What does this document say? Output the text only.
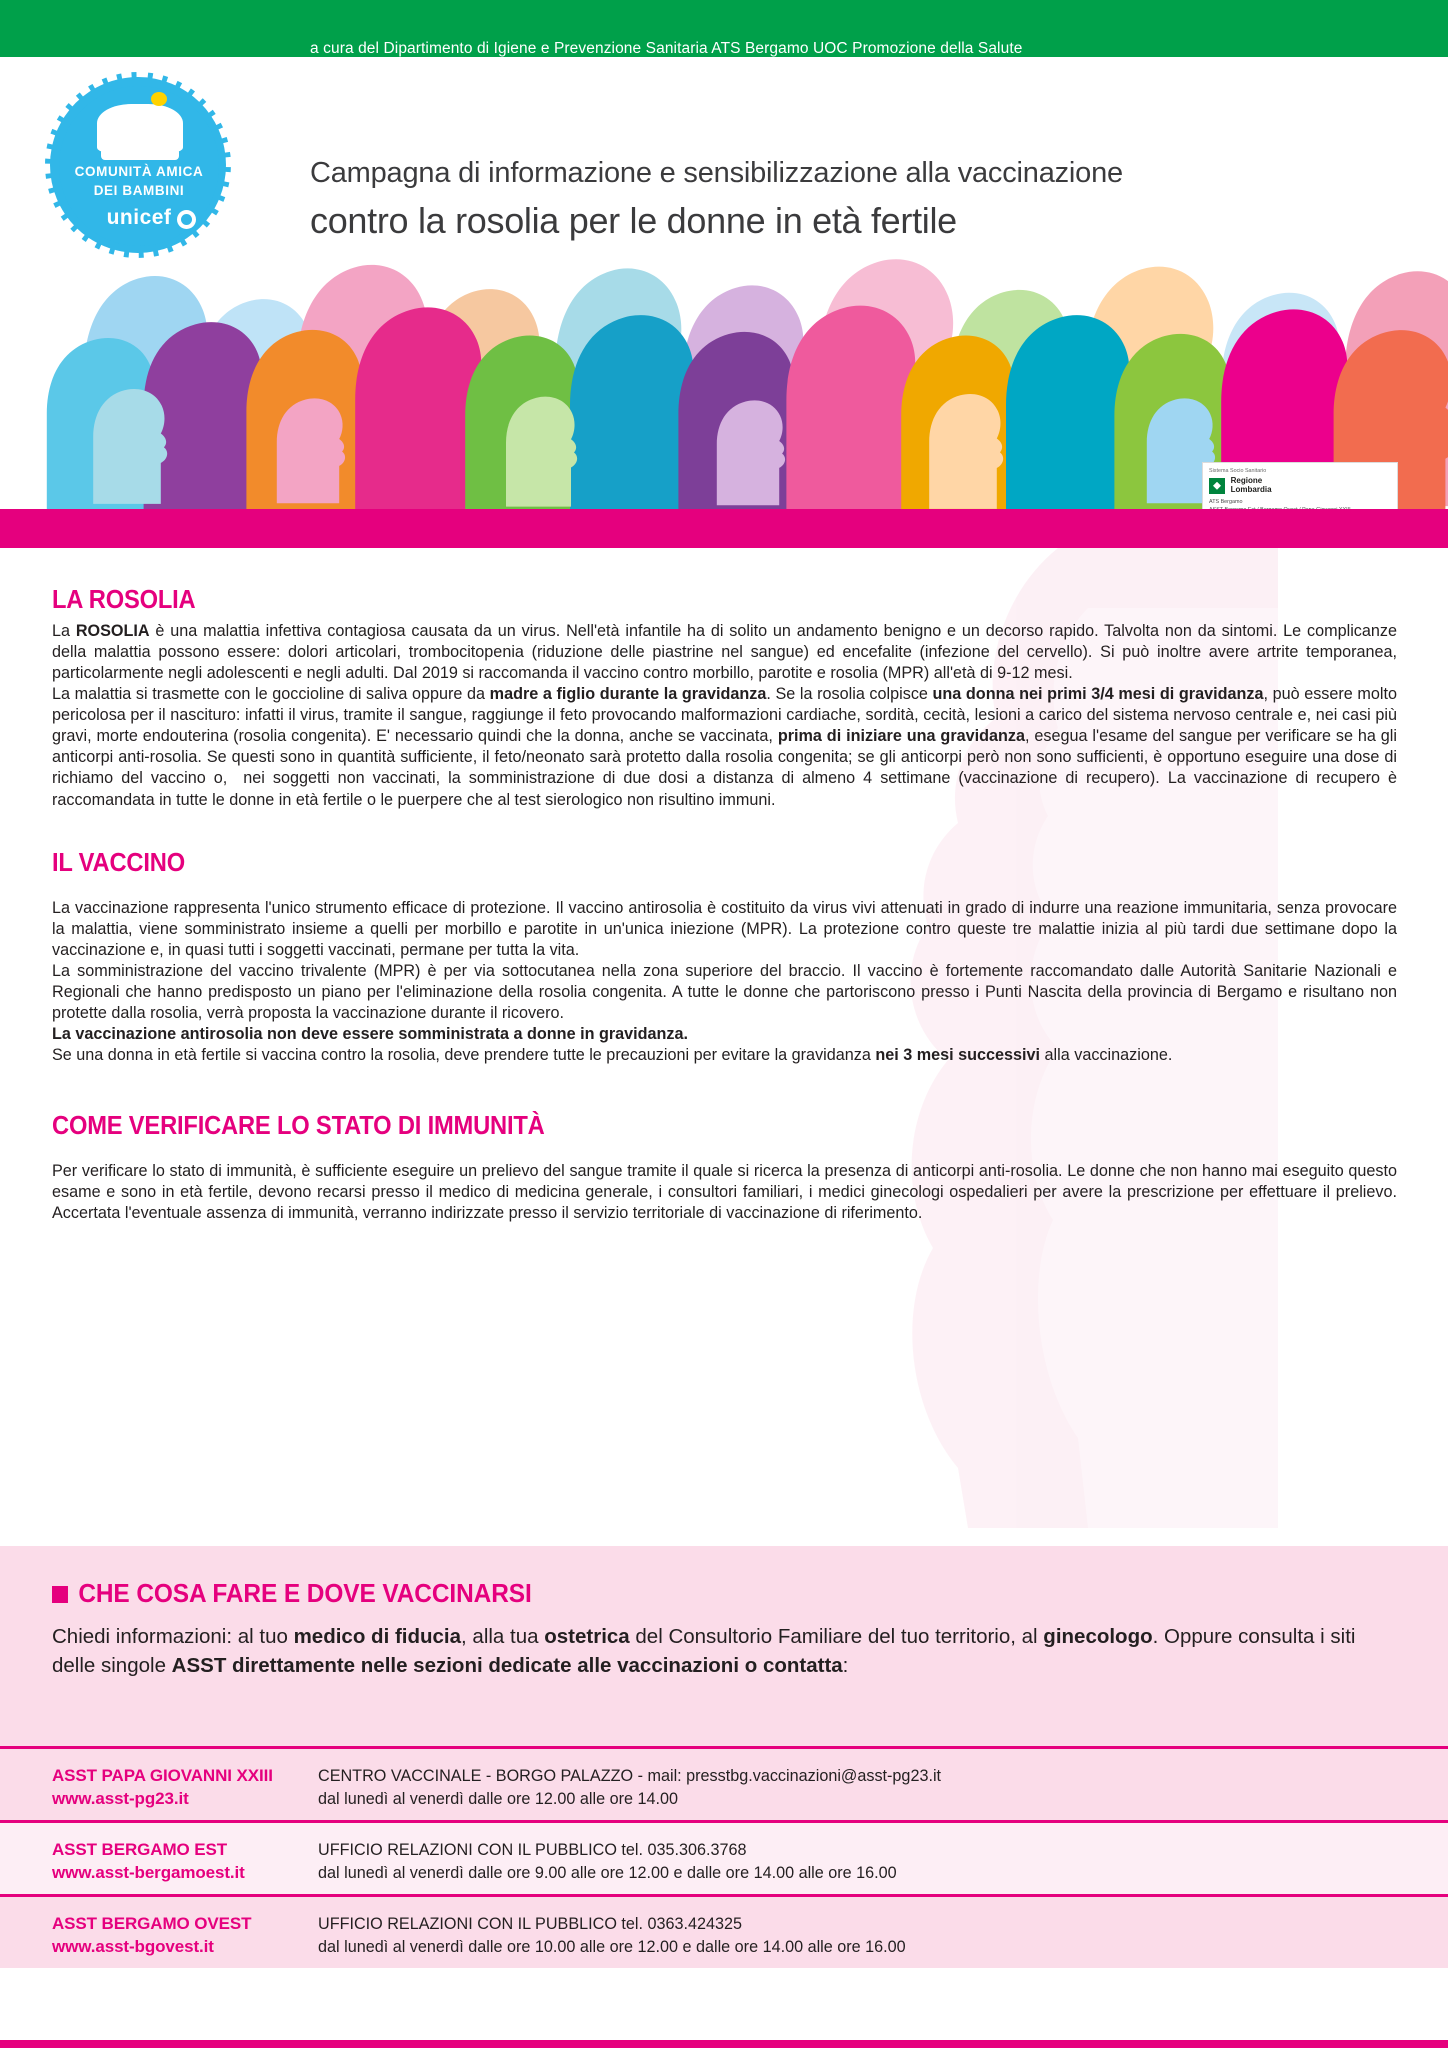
a cura del Dipartimento di Igiene e Prevenzione Sanitaria ATS Bergamo UOC Promozione della Salute
Campagna di informazione e sensibilizzazione alla vaccinazione
contro la rosolia per le donne in età fertile
COMUNITÀ AMICA
DEI BAMBINI
unicef
Sistema Socio Sanitario
Regione
Lombardia
ATS Bergamo
LA ROSOLIA

La ROSOLIA è una malattia infettiva contagiosa causata da un virus. Nell'età infantile ha di solito un andamento benigno e un decorso rapido. Talvolta non da sintomi. Le complicanze della malattia possono essere: dolori articolari, trombocitopenia (riduzione delle piastrine nel sangue) ed encefalite (infezione del cervello). Si può inoltre avere artrite temporanea, particolarmente negli adolescenti e negli adulti. Dal 2019 si raccomanda il vaccino contro morbillo, parotite e rosolia (MPR) all'età di 9-12 mesi.

La malattia si trasmette con le goccioline di saliva oppure da madre a figlio durante la gravidanza. Se la rosolia colpisce una donna nei primi 3/4 mesi di gravidanza, può essere molto pericolosa per il nascituro: infatti il virus, tramite il sangue, raggiunge il feto provocando malformazioni cardiache, sordità, cecità, lesioni a carico del sistema nervoso centrale e, nei casi più gravi, morte endouterina (rosolia congenita). E' necessario quindi che la donna, anche se vaccinata, prima di iniziare una gravidanza, esegua l'esame del sangue per verificare se ha gli anticorpi anti-rosolia. Se questi sono in quantità sufficiente, il feto/neonato sarà protetto dalla rosolia congenita; se gli anticorpi però non sono sufficienti, è opportuno eseguire una dose di richiamo del vaccino o,  nei soggetti non vaccinati, la somministrazione di due dosi a distanza di almeno 4 settimane (vaccinazione di recupero). La vaccinazione di recupero è raccomandata in tutte le donne in età fertile o le puerpere che al test sierologico non risultino immuni.

IL VACCINO

La vaccinazione rappresenta l'unico strumento efficace di protezione. Il vaccino antirosolia è costituito da virus vivi attenuati in grado di indurre una reazione immunitaria, senza provocare la malattia, viene somministrato insieme a quelli per morbillo e parotite in un'unica iniezione (MPR). La protezione contro queste tre malattie inizia al più tardi due settimane dopo la vaccinazione e, in quasi tutti i soggetti vaccinati, permane per tutta la vita.

La somministrazione del vaccino trivalente (MPR) è per via sottocutanea nella zona superiore del braccio. Il vaccino è fortemente raccomandato dalle Autorità Sanitarie Nazionali e Regionali che hanno predisposto un piano per l'eliminazione della rosolia congenita. A tutte le donne che partoriscono presso i Punti Nascita della provincia di Bergamo e risultano non protette dalla rosolia, verrà proposta la vaccinazione durante il ricovero.

La vaccinazione antirosolia non deve essere somministrata a donne in gravidanza.

Se una donna in età fertile si vaccina contro la rosolia, deve prendere tutte le precauzioni per evitare la gravidanza nei 3 mesi successivi alla vaccinazione.

COME VERIFICARE LO STATO DI IMMUNITÀ

Per verificare lo stato di immunità, è sufficiente eseguire un prelievo del sangue tramite il quale si ricerca la presenza di anticorpi anti-rosolia. Le donne che non hanno mai eseguito questo esame e sono in età fertile, devono recarsi presso il medico di medicina generale, i consultori familiari, i medici ginecologi ospedalieri per avere la prescrizione per effettuare il prelievo. Accertata l'eventuale assenza di immunità, verranno indirizzate presso il servizio territoriale di vaccinazione di riferimento.

CHE COSA FARE E DOVE VACCINARSI
Chiedi informazioni: al tuo medico di fiducia, alla tua ostetrica del Consultorio Familiare del tuo territorio, al ginecologo. Oppure consulta i siti delle singole ASST direttamente nelle sezioni dedicate alle vaccinazioni o contatta:
ASST PAPA GIOVANNI XXIII
www.asst-pg23.it
CENTRO VACCINALE - BORGO PALAZZO - mail: presstbg.vaccinazioni@asst-pg23.it
dal lunedì al venerdì dalle ore 12.00 alle ore 14.00
ASST BERGAMO EST
www.asst-bergamoest.it
UFFICIO RELAZIONI CON IL PUBBLICO tel. 035.306.3768
dal lunedì al venerdì dalle ore 9.00 alle ore 12.00 e dalle ore 14.00 alle ore 16.00
ASST BERGAMO OVEST
www.asst-bgovest.it
UFFICIO RELAZIONI CON IL PUBBLICO tel. 0363.424325
dal lunedì al venerdì dalle ore 10.00 alle ore 12.00 e dalle ore 14.00 alle ore 16.00
